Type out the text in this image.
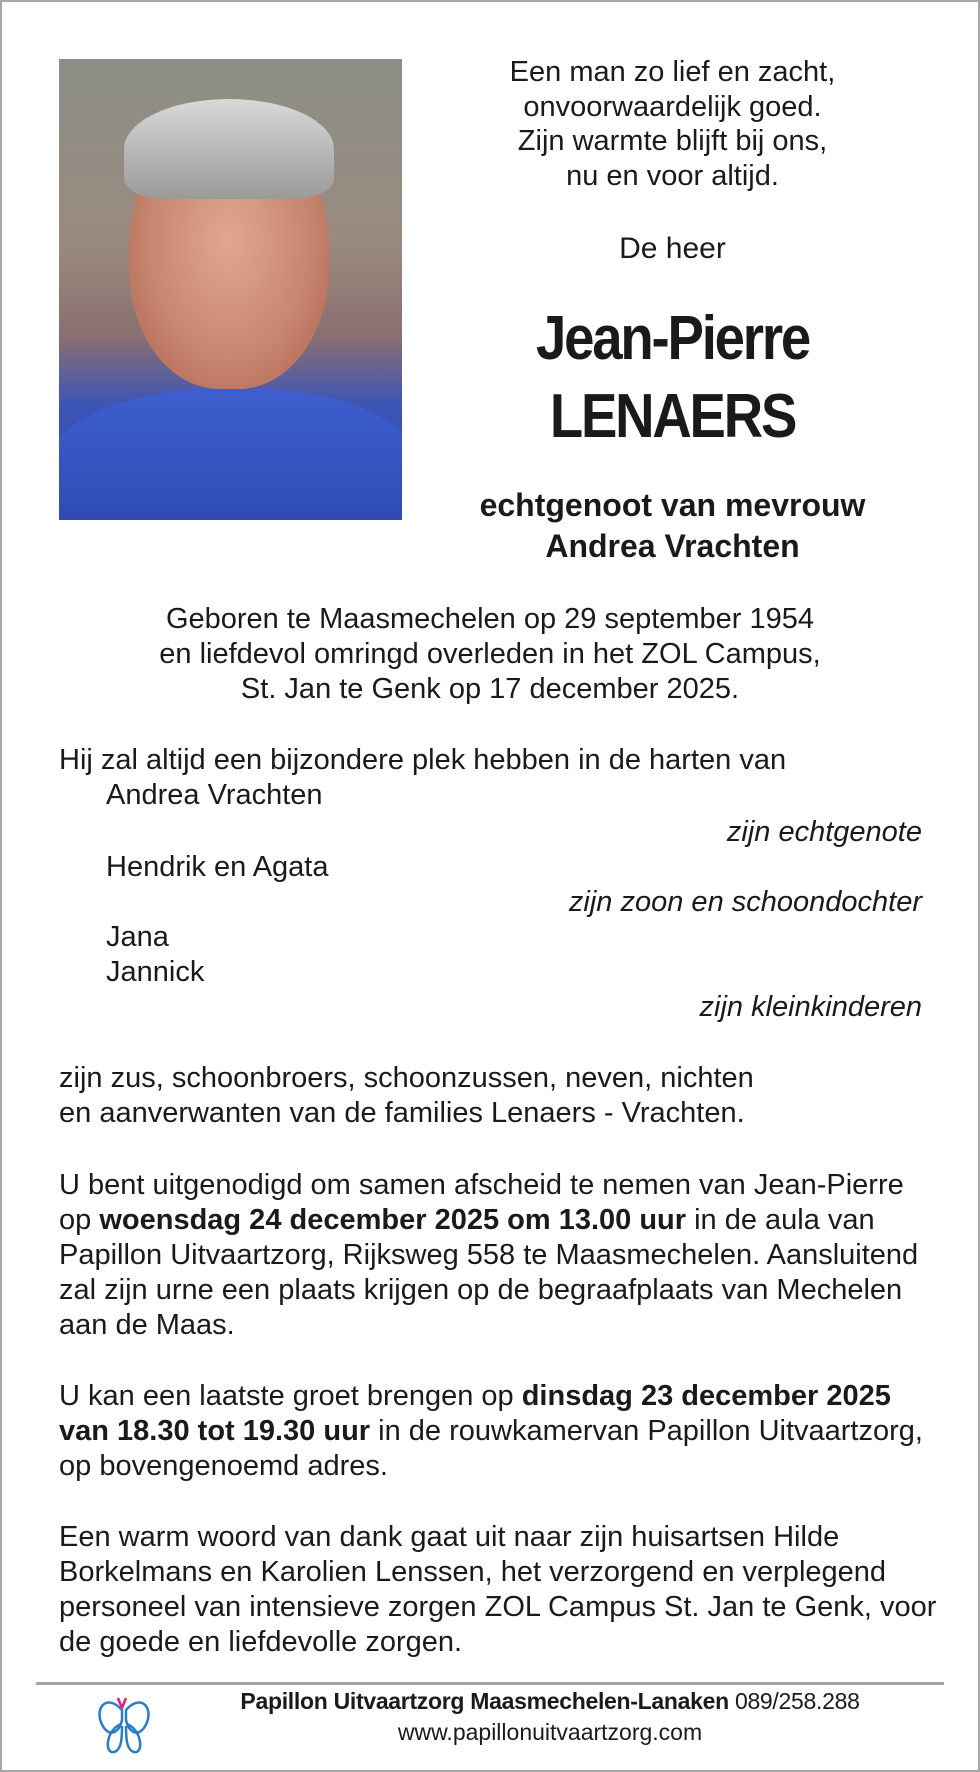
Een man zo lief en zacht,
onvoorwaardelijk goed.
Zijn warmte blijft bij ons,
nu en voor altijd.
De heer
Jean-Pierre
LENAERS
echtgenoot van mevrouw
Andrea Vrachten
Geboren te Maasmechelen op 29 september 1954
en liefdevol omringd overleden in het ZOL Campus,
St. Jan te Genk op 17 december 2025.
Hij zal altijd een bijzondere plek hebben in de harten van
Andrea Vrachten
zijn echtgenote
Hendrik en Agata
zijn zoon en schoondochter
Jana
Jannick
zijn kleinkinderen
zijn zus, schoonbroers, schoonzussen, neven, nichten
en aanverwanten van de families Lenaers - Vrachten.
U bent uitgenodigd om samen afscheid te nemen van Jean-Pierre op woensdag 24 december 2025 om 13.00 uur in de aula van Papillon Uitvaartzorg, Rijksweg 558 te Maasmechelen. Aansluitend zal zijn urne een plaats krijgen op de begraafplaats van Mechelen aan de Maas.
U kan een laatste groet brengen op dinsdag 23 december 2025 van 18.30 tot 19.30 uur in de rouwkamervan Papillon Uitvaartzorg, op bovengenoemd adres.
Een warm woord van dank gaat uit naar zijn huisartsen Hilde Borkelmans en Karolien Lenssen, het verzorgend en verplegend personeel van intensieve zorgen ZOL Campus St. Jan te Genk, voor de goede en liefdevolle zorgen.
Papillon Uitvaartzorg Maasmechelen-Lanaken 089/258.288
www.papillonuitvaartzorg.com
